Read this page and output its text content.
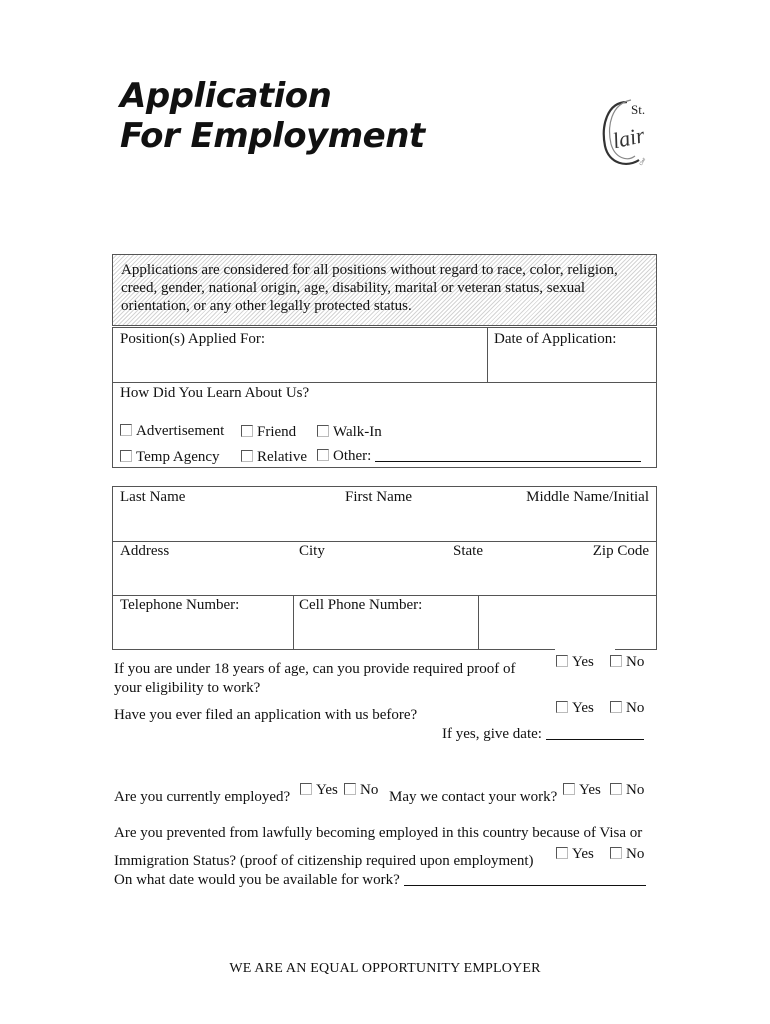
Application
For Employment
St.
lair
Clair
Applications are considered for all positions without regard to race, color, religion, creed, gender, national origin, age, disability, marital or veteran status, sexual orientation, or any other legally protected status.
Position(s) Applied For:	Date of Application:
How Did You Learn About Us?
Advertisement	Friend	Walk-In
Temp Agency	Relative	Other:
Last Name	First Name	Middle Name/Initial
Address	City	State	Zip Code
Telephone Number:	Cell Phone Number:
If you are under 18 years of age, can you provide required proof of
your eligibility to work?
Yes	No
Have you ever filed an application with us before?	Yes	No
If yes, give date:
Are you currently employed?	Yes	No May we contact your work?	Yes	No
Are you prevented from lawfully becoming employed in this country because of Visa or
Immigration Status? (proof of citizenship required upon employment)	Yes	No
On what date would you be available for work?
WE ARE AN EQUAL OPPORTUNITY EMPLOYER
